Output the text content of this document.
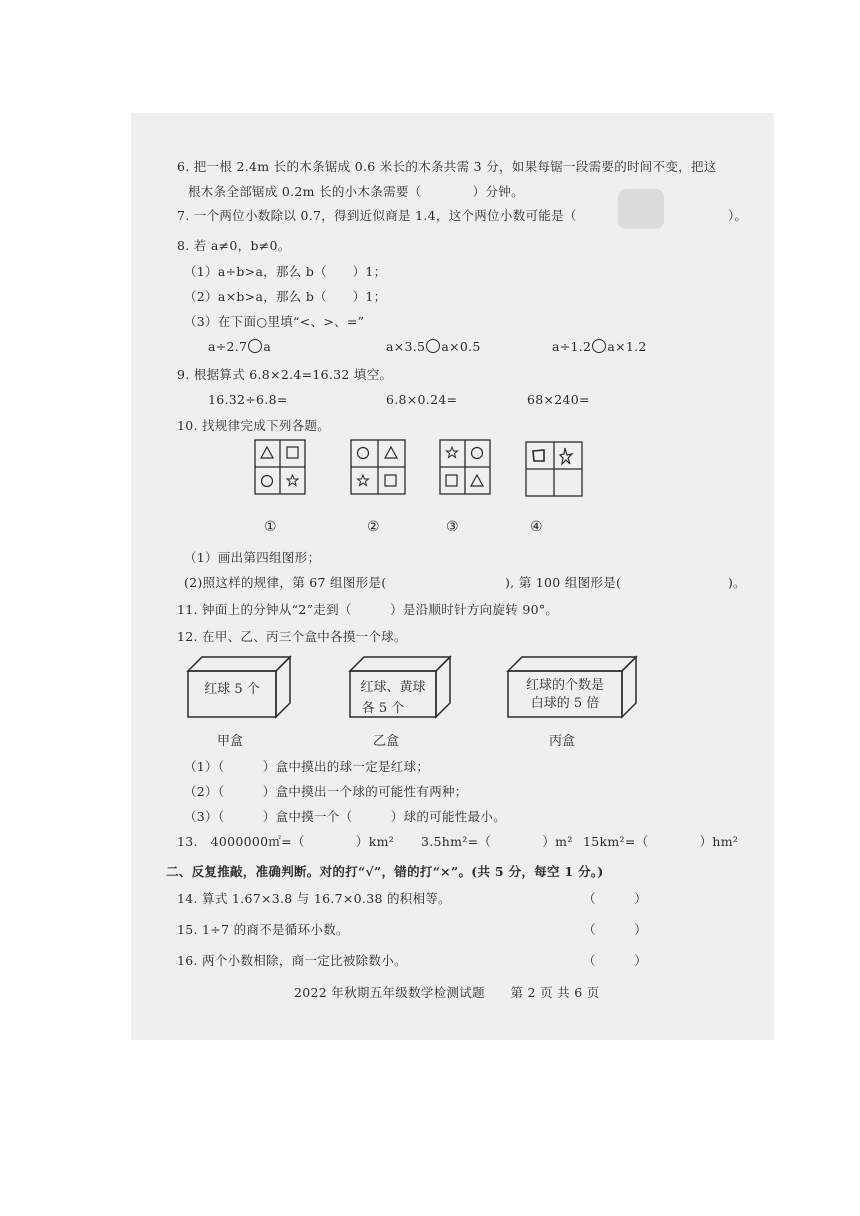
6. 把一根 2.4m 长的木条锯成 0.6 米长的木条共需 3 分，如果每锯一段需要的时间不变，把这
根木条全部锯成 0.2m 长的小木条需要（　　　　）分钟。
7. 一个两位小数除以 0.7，得到近似商是 1.4，这个两位小数可能是（	）。
8. 若 a≠0，b≠0。
（1）a÷b>a，那么 b（　　）1；
（2）a×b>a，那么 b（　　）1；
（3）在下面○里填“<、>、=”
a÷2.7 a	a×3.5 a×0.5	a÷1.2 a×1.2
9. 根据算式 6.8×2.4=16.32 填空。
16.32÷6.8=	6.8×0.24=	68×240=
10. 找规律完成下列各题。
①	②	③	④
（1）画出第四组图形；
(2)照这样的规律，第 67 组图形是(	), 第 100 组图形是(	)。
11. 钟面上的分钟从“2”走到（　　　）是沿顺时针方向旋转 90°。
12. 在甲、乙、丙三个盒中各摸一个球。
红球 5 个	红球、黄球
各 5 个
红球的个数是
白球的 5 倍
甲盒	乙盒	丙盒
（1）（　　　）盒中摸出的球一定是红球；
（2）（　　　）盒中摸出一个球的可能性有两种；
（3）（　　　）盒中摸一个（　　　）球的可能性最小。
13.　4000000㎡=（　　　　）km² 3.5hm²=（　　　　）m² 15km²=（　　　　）hm²
二、反复推敲，准确判断。对的打“√”，错的打“×”。(共 5 分，每空 1 分。)
14. 算式 1.67×3.8 与 16.7×0.38 的积相等。	（　　　）
15. 1÷7 的商不是循环小数。	（　　　）
16. 两个小数相除，商一定比被除数小。	（　　　）
2022 年秋期五年级数学检测试题　　第 2 页 共 6 页
